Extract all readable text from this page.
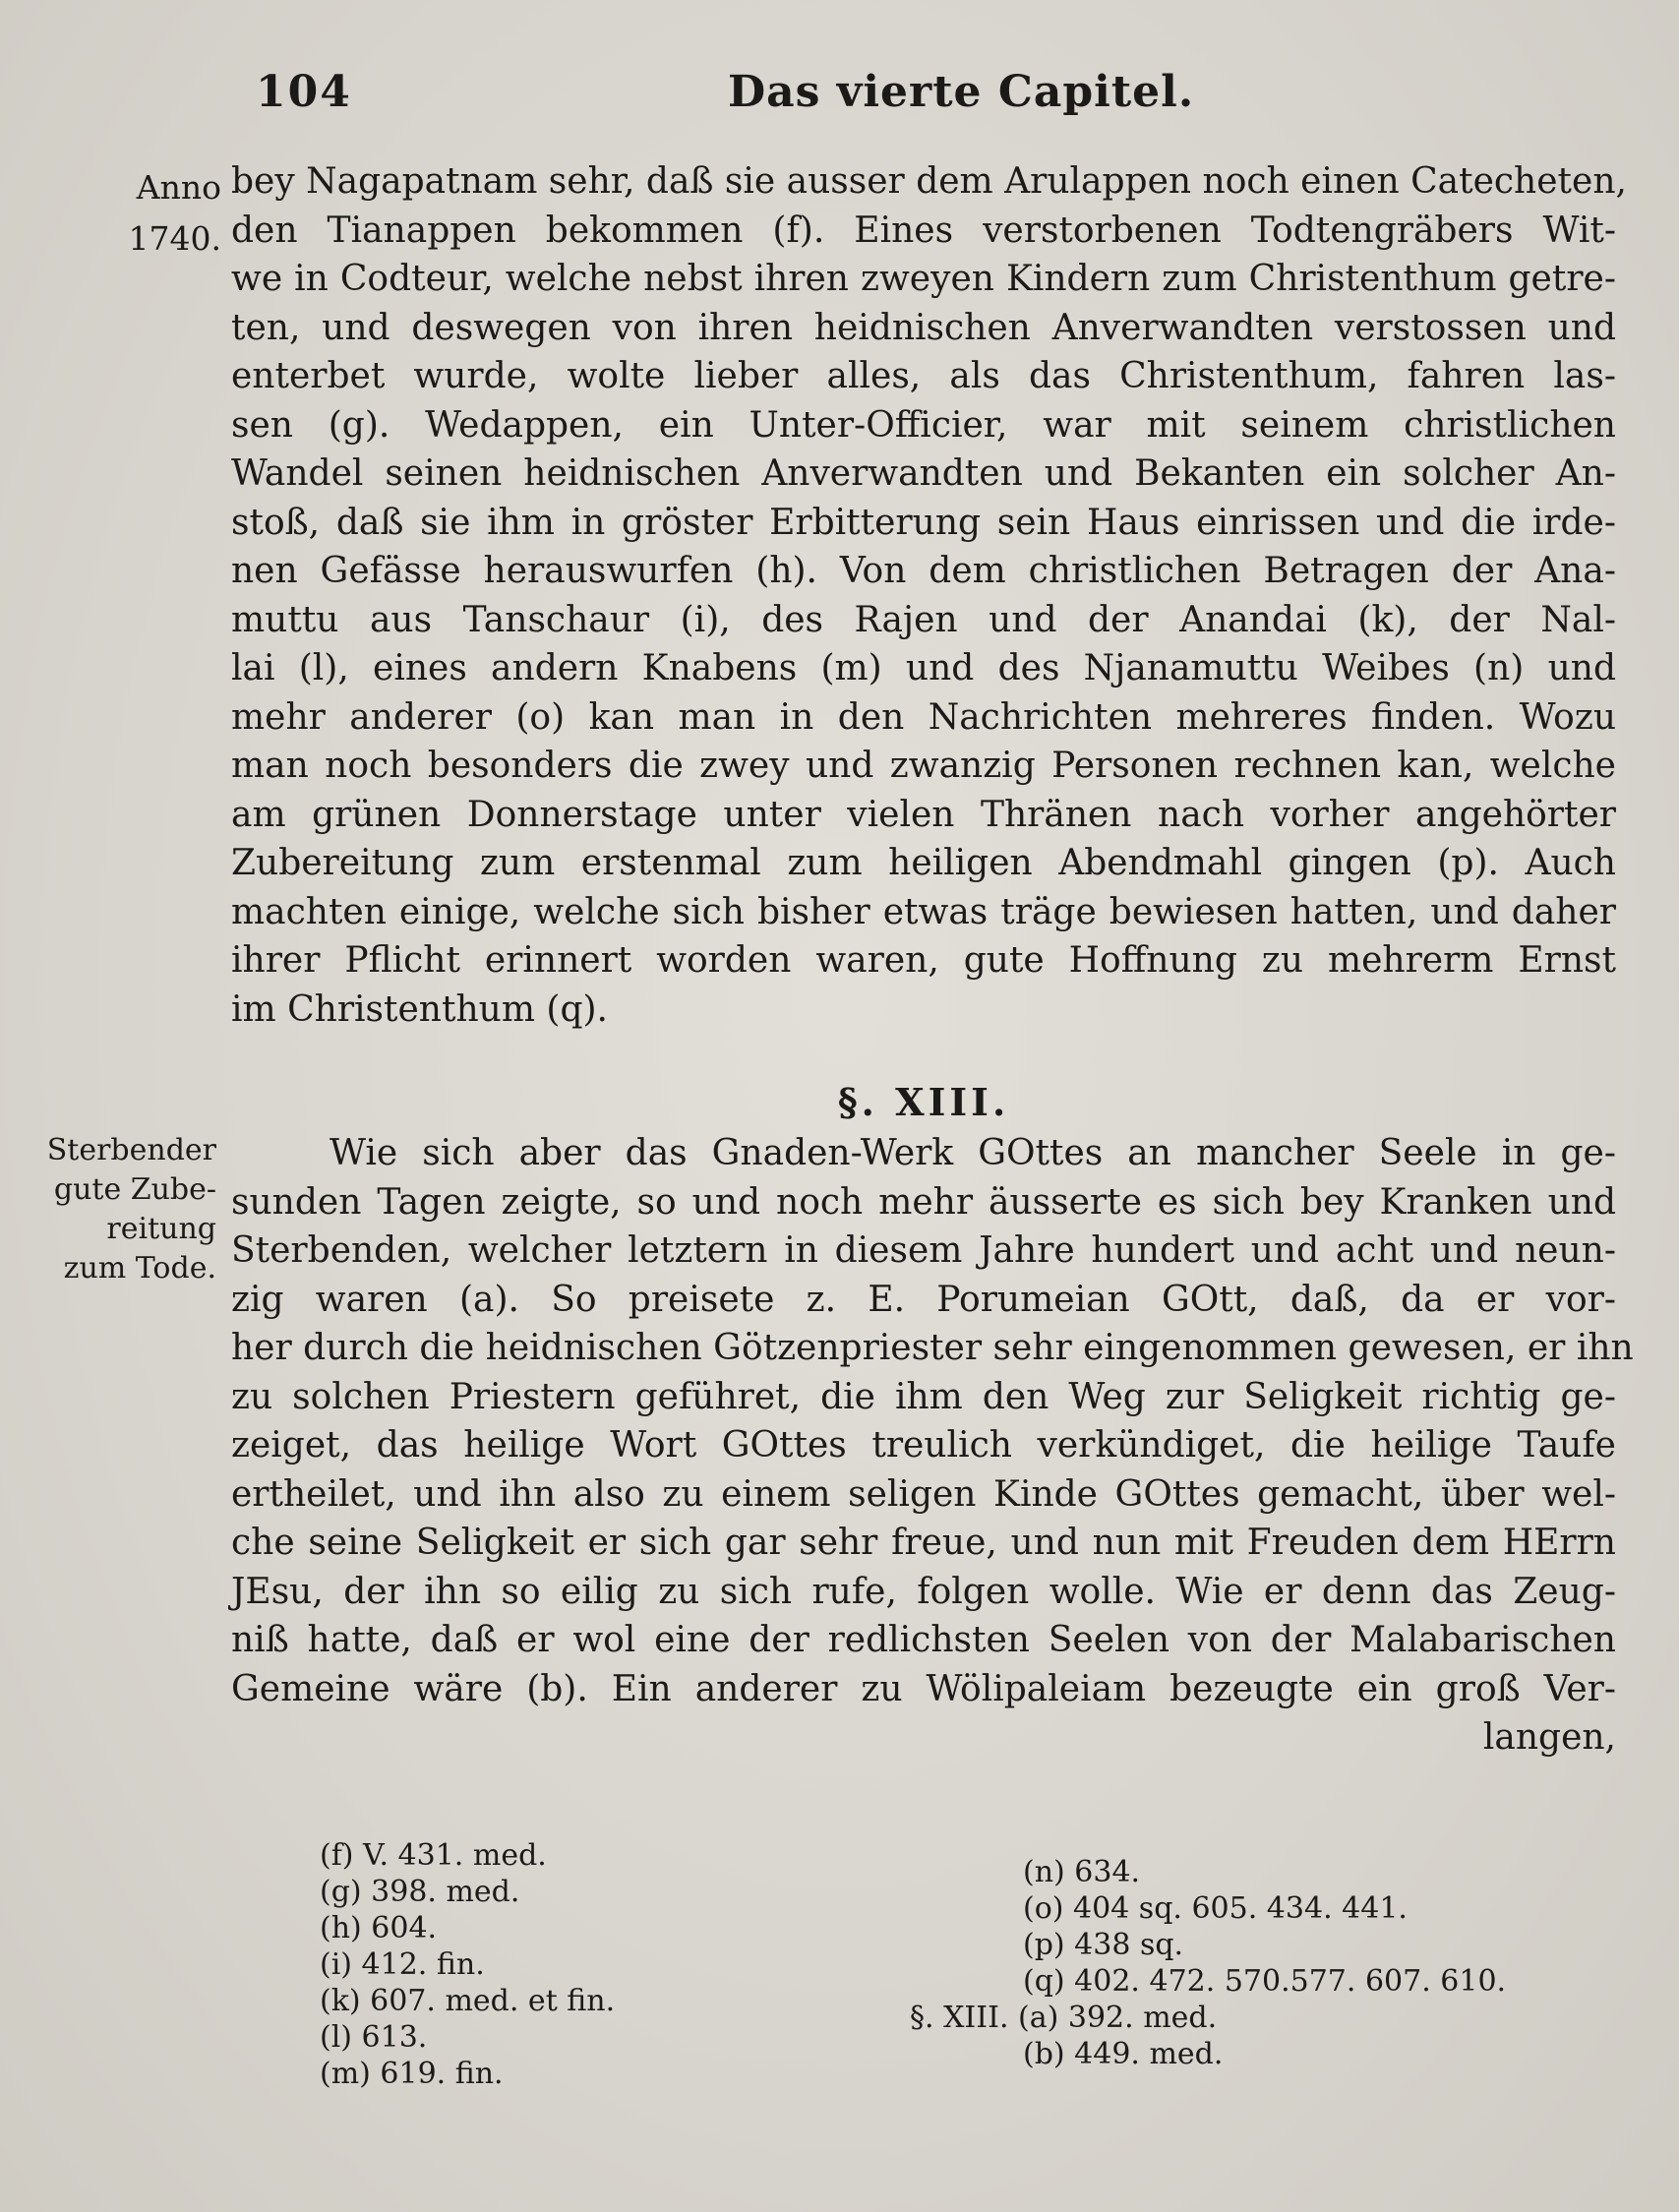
104	Das vierte Capitel.
Anno
1740.
bey Nagapatnam sehr, daß sie ausser dem Arulappen noch einen Catecheten,
den Tianappen bekommen (f). Eines verstorbenen Todtengräbers Wit-
we in Codteur, welche nebst ihren zweyen Kindern zum Christenthum getre-
ten, und deswegen von ihren heidnischen Anverwandten verstossen und
enterbet wurde, wolte lieber alles, als das Christenthum, fahren las-
sen (g). Wedappen, ein Unter-Officier, war mit seinem christlichen
Wandel seinen heidnischen Anverwandten und Bekanten ein solcher An-
stoß, daß sie ihm in gröster Erbitterung sein Haus einrissen und die irde-
nen Gefässe herauswurfen (h). Von dem christlichen Betragen der Ana-
muttu aus Tanschaur (i), des Rajen und der Anandai (k), der Nal-
lai (l), eines andern Knabens (m) und des Njanamuttu Weibes (n) und
mehr anderer (o) kan man in den Nachrichten mehreres finden. Wozu
man noch besonders die zwey und zwanzig Personen rechnen kan, welche
am grünen Donnerstage unter vielen Thränen nach vorher angehörter
Zubereitung zum erstenmal zum heiligen Abendmahl gingen (p). Auch
machten einige, welche sich bisher etwas träge bewiesen hatten, und daher
ihrer Pflicht erinnert worden waren, gute Hoffnung zu mehrerm Ernst
im Christenthum (q).
§. XIII.
Sterbender
gute Zube-
reitung
zum Tode.
Wie sich aber das Gnaden-Werk GOttes an mancher Seele in ge-
sunden Tagen zeigte, so und noch mehr äusserte es sich bey Kranken und
Sterbenden, welcher letztern in diesem Jahre hundert und acht und neun-
zig waren (a). So preisete z. E. Porumeian GOtt, daß, da er vor-
her durch die heidnischen Götzenpriester sehr eingenommen gewesen, er ihn
zu solchen Priestern geführet, die ihm den Weg zur Seligkeit richtig ge-
zeiget, das heilige Wort GOttes treulich verkündiget, die heilige Taufe
ertheilet, und ihn also zu einem seligen Kinde GOttes gemacht, über wel-
che seine Seligkeit er sich gar sehr freue, und nun mit Freuden dem HErrn
JEsu, der ihn so eilig zu sich rufe, folgen wolle. Wie er denn das Zeug-
niß hatte, daß er wol eine der redlichsten Seelen von der Malabarischen
Gemeine wäre (b). Ein anderer zu Wölipaleiam bezeugte ein groß Ver-
langen,
(f) V. 431. med.
(g) 398. med.
(h) 604.
(i) 412. fin.
(k) 607. med. et fin.
(l) 613.
(m) 619. fin.
(n) 634.
(o) 404 sq. 605. 434. 441.
(p) 438 sq.
(q) 402. 472. 570.577. 607. 610.
§. XIII. (a) 392. med.
(b) 449. med.
